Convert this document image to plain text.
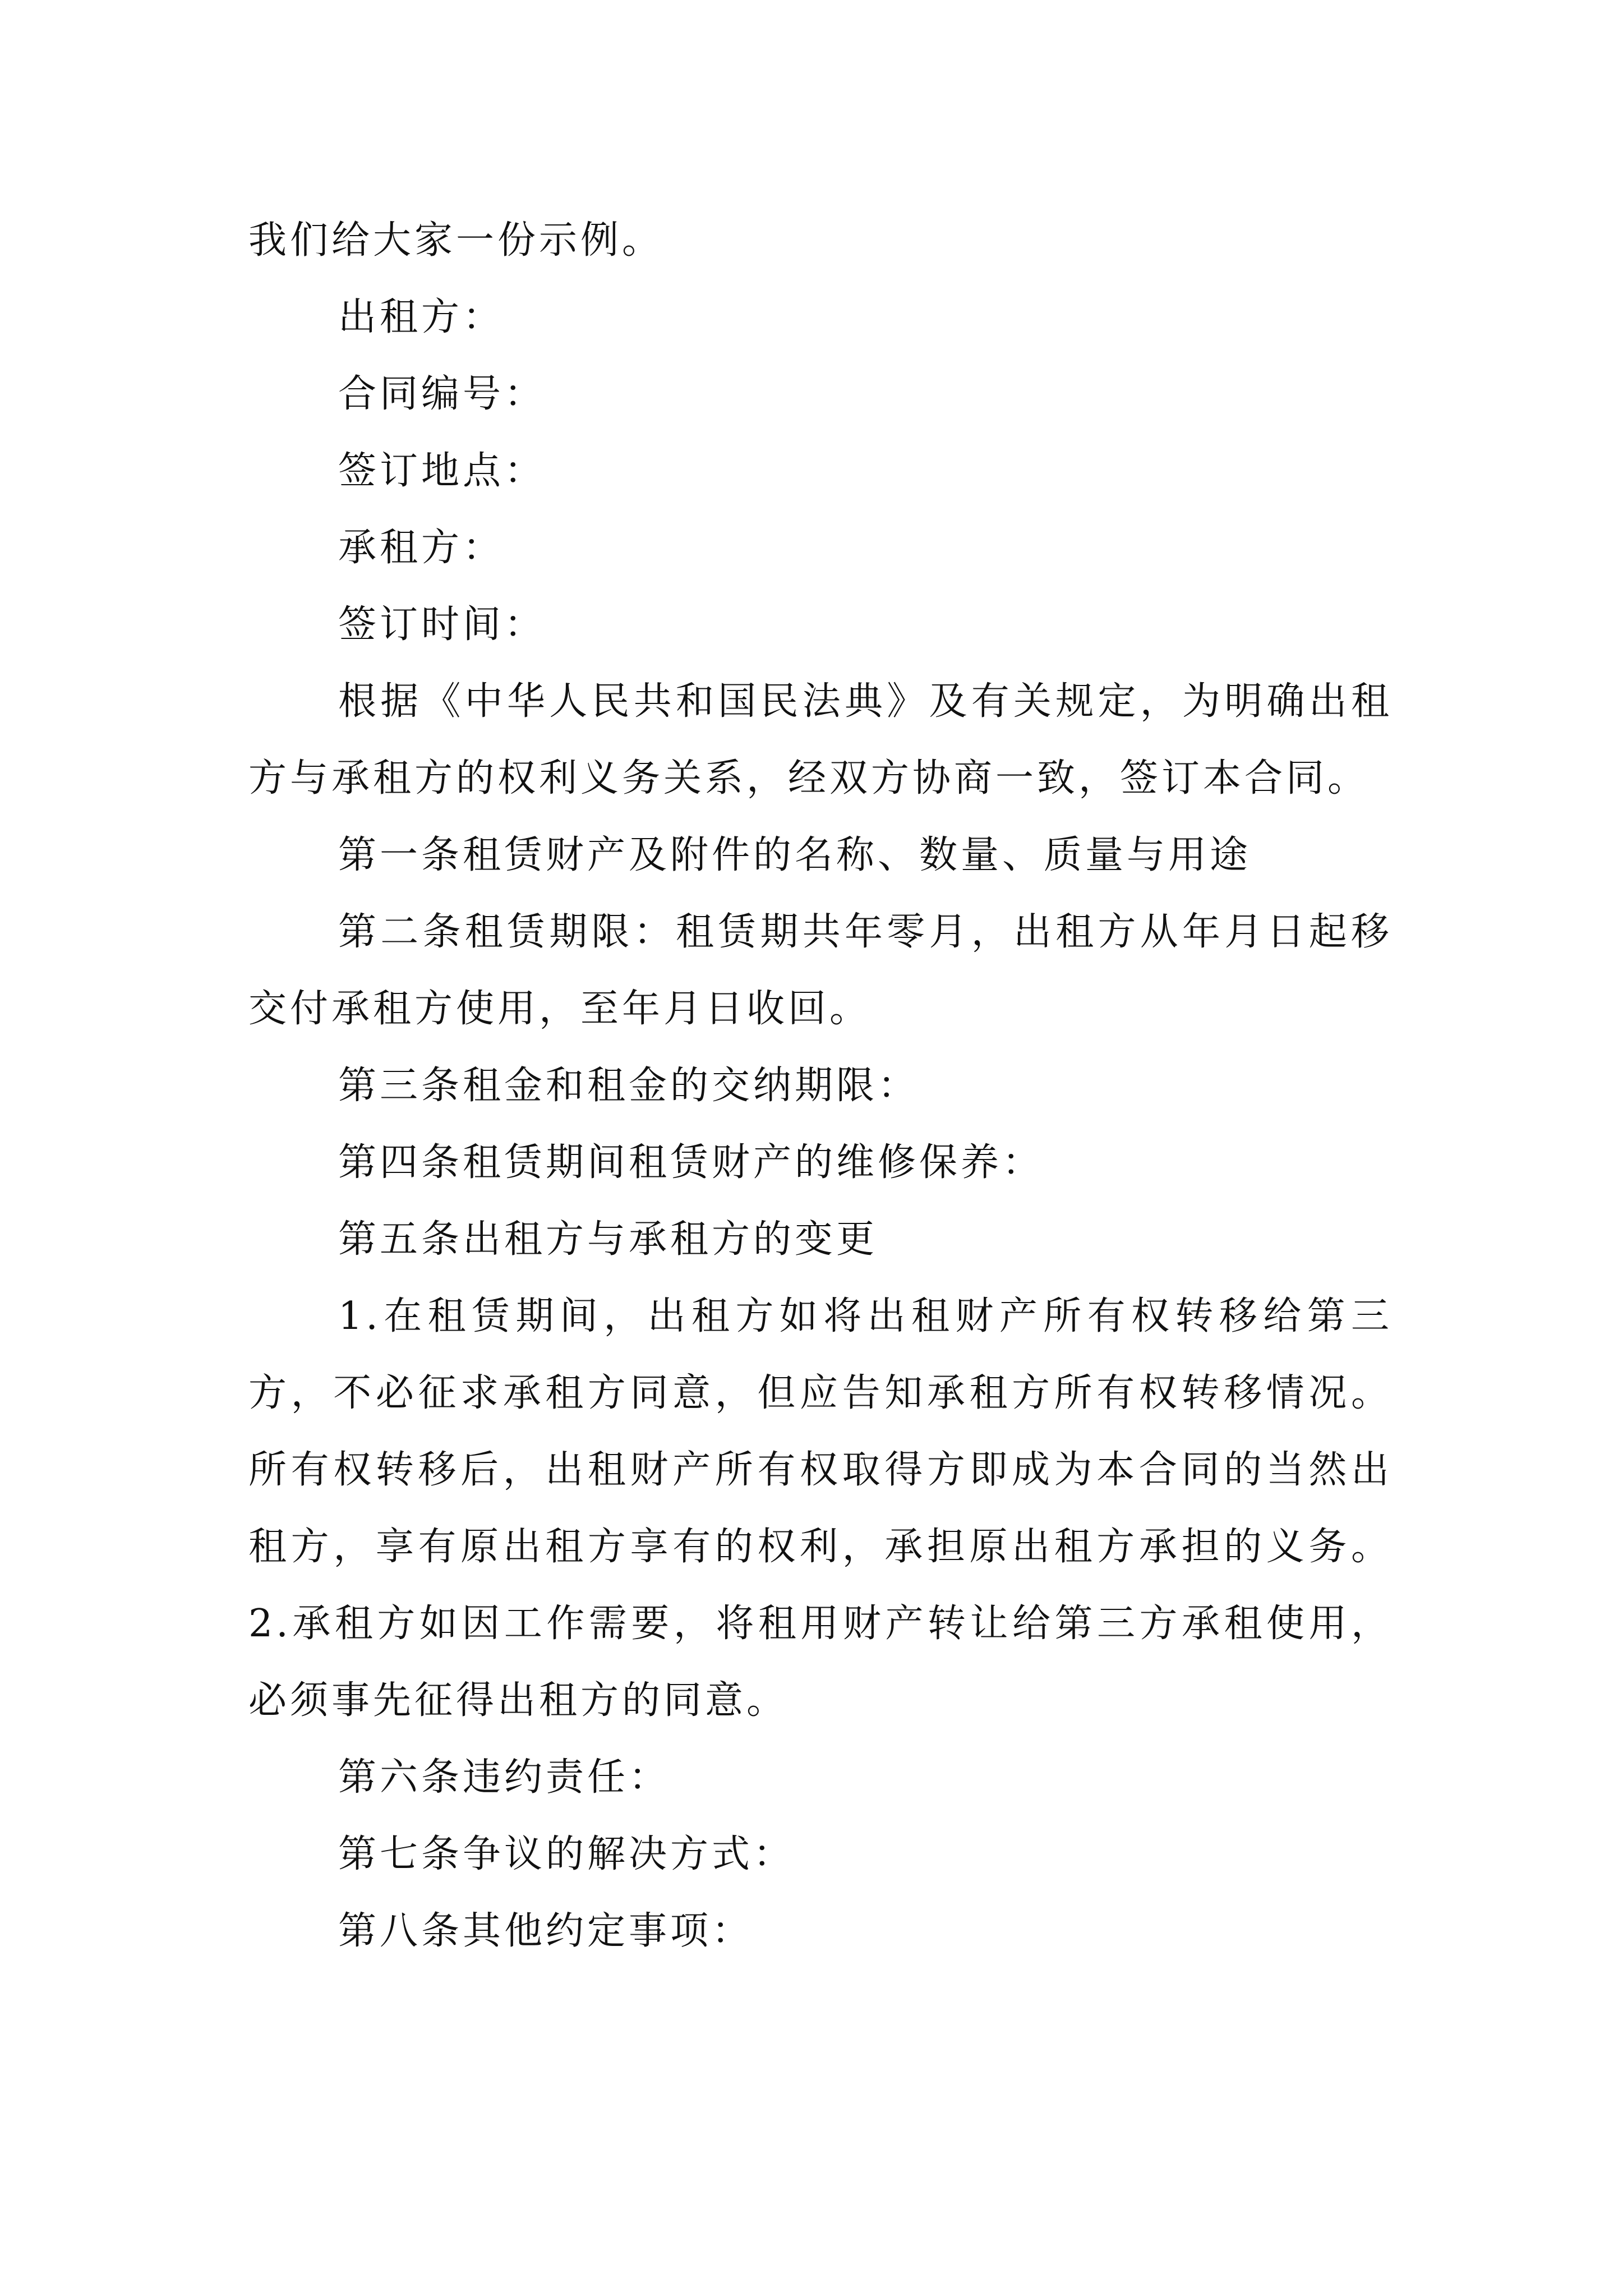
我们给大家一份示例。

出租方：

合同编号：

签订地点：

承租方：

签订时间：

根据《中华人民共和国民法典》及有关规定，为明确出租方与承租方的权利义务关系，经双方协商一致，签订本合同。

第一条租赁财产及附件的名称、数量、质量与用途

第二条租赁期限：租赁期共年零月，出租方从年月日起移交付承租方使用，至年月日收回。

第三条租金和租金的交纳期限：

第四条租赁期间租赁财产的维修保养：

第五条出租方与承租方的变更

1.在租赁期间，出租方如将出租财产所有权转移给第三方，不必征求承租方同意，但应告知承租方所有权转移情况。所有权转移后，出租财产所有权取得方即成为本合同的当然出租方，享有原出租方享有的权利，承担原出租方承担的义务。2.承租方如因工作需要，将租用财产转让给第三方承租使用，必须事先征得出租方的同意。

第六条违约责任：

第七条争议的解决方式：

第八条其他约定事项：
